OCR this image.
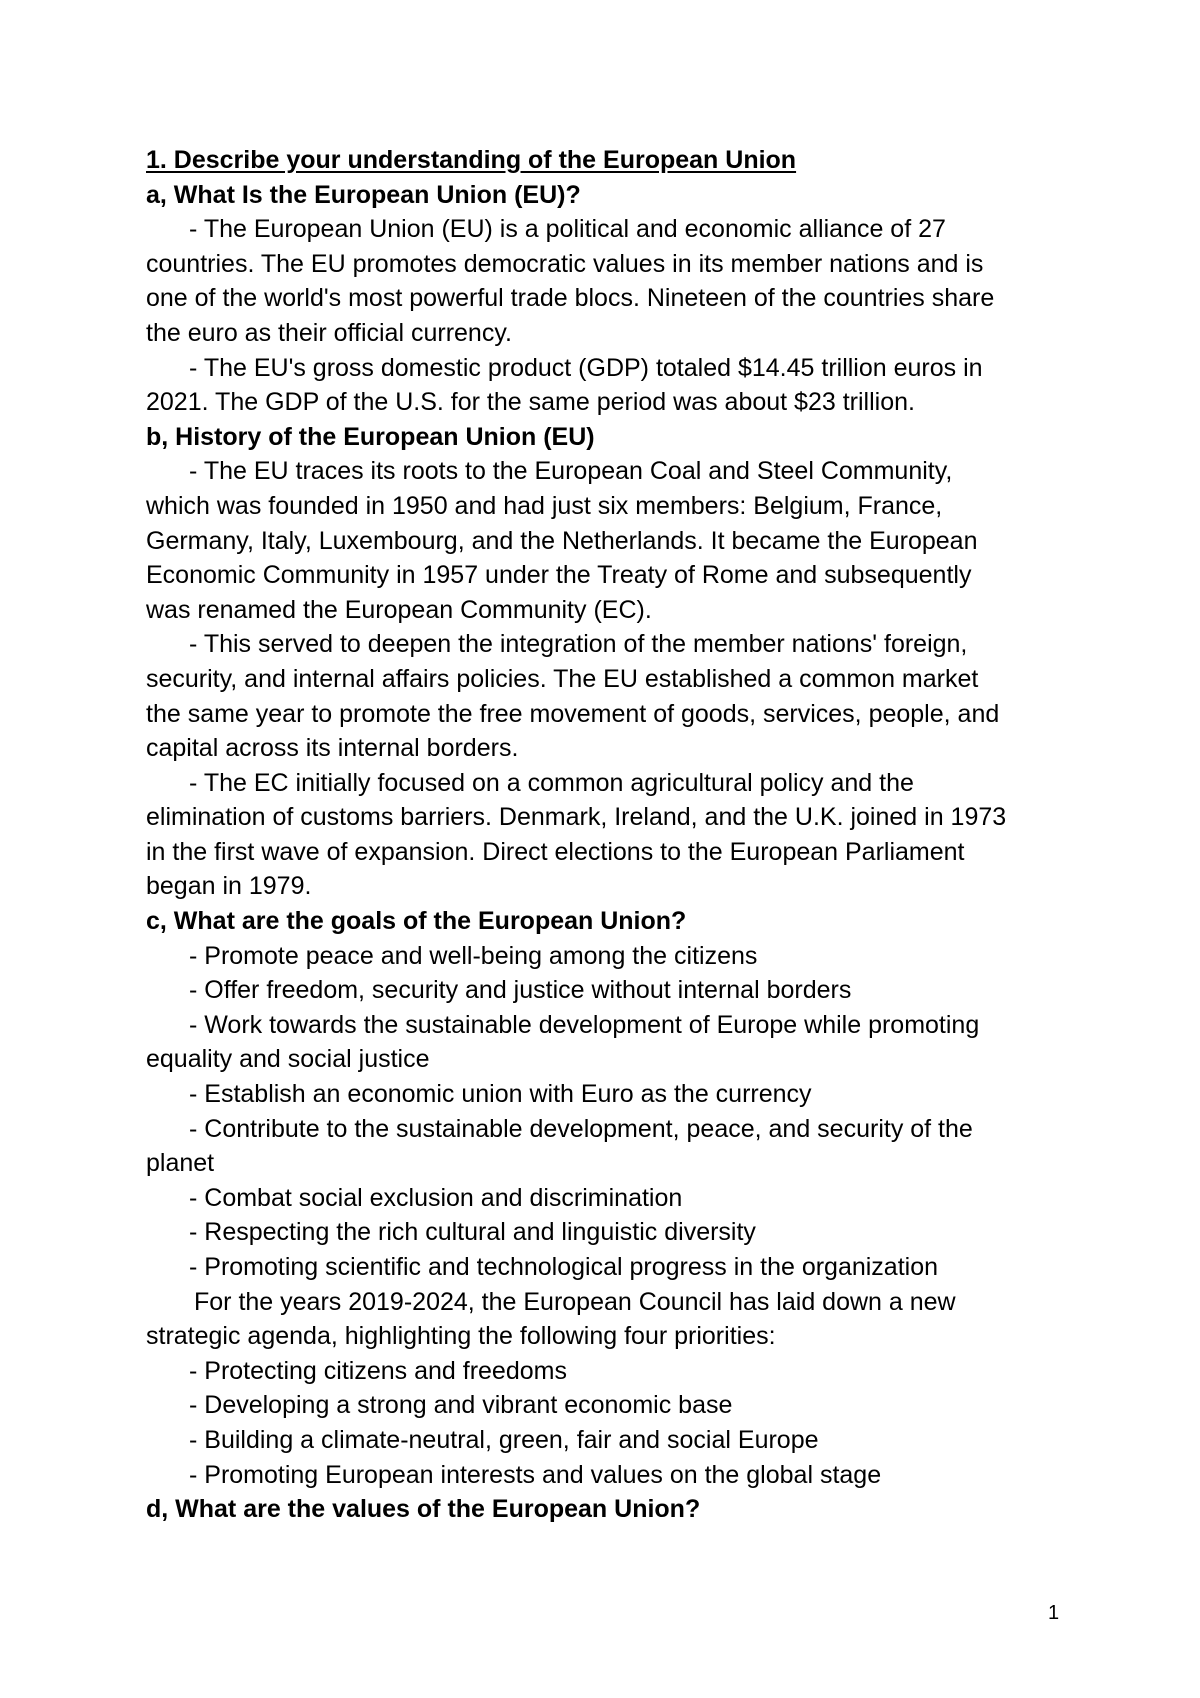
1. Describe your understanding of the European Union
a, What Is the European Union (EU)?
- The European Union (EU) is a political and economic alliance of 27
countries. The EU promotes democratic values in its member nations and is
one of the world's most powerful trade blocs. Nineteen of the countries share
the euro as their official currency.
- The EU's gross domestic product (GDP) totaled $14.45 trillion euros in
2021. The GDP of the U.S. for the same period was about $23 trillion.
b, History of the European Union (EU)
- The EU traces its roots to the European Coal and Steel Community,
which was founded in 1950 and had just six members: Belgium, France,
Germany, Italy, Luxembourg, and the Netherlands. It became the European
Economic Community in 1957 under the Treaty of Rome and subsequently
was renamed the European Community (EC).
- This served to deepen the integration of the member nations' foreign,
security, and internal affairs policies. The EU established a common market
the same year to promote the free movement of goods, services, people, and
capital across its internal borders.
- The EC initially focused on a common agricultural policy and the
elimination of customs barriers. Denmark, Ireland, and the U.K. joined in 1973
in the first wave of expansion. Direct elections to the European Parliament
began in 1979.
c, What are the goals of the European Union?
- Promote peace and well-being among the citizens
- Offer freedom, security and justice without internal borders
- Work towards the sustainable development of Europe while promoting
equality and social justice
- Establish an economic union with Euro as the currency
- Contribute to the sustainable development, peace, and security of the
planet
- Combat social exclusion and discrimination
- Respecting the rich cultural and linguistic diversity
- Promoting scientific and technological progress in the organization
For the years 2019-2024, the European Council has laid down a new
strategic agenda, highlighting the following four priorities:
- Protecting citizens and freedoms
- Developing a strong and vibrant economic base
- Building a climate-neutral, green, fair and social Europe
- Promoting European interests and values on the global stage
d, What are the values of the European Union?
1
